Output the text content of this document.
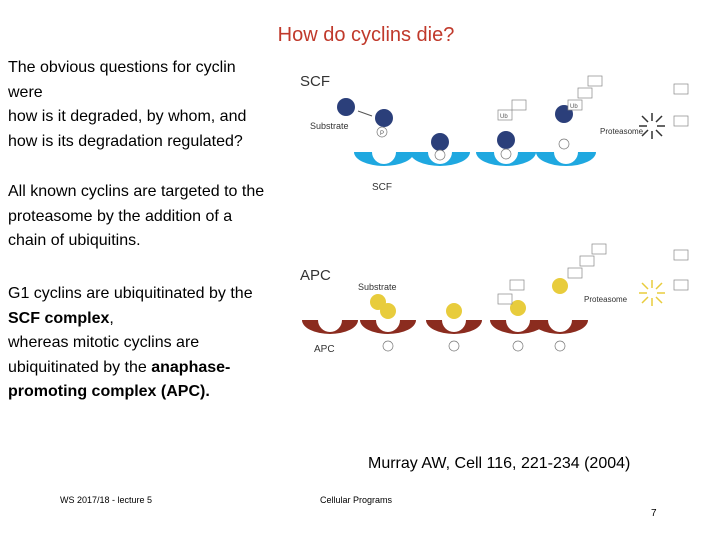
How do cyclins die?
The obvious questions for cyclin
were
how is it degraded, by whom, and
how is its degradation regulated?
All known cyclins are targeted to the
proteasome by the addition of a
chain of ubiquitins.
G1 cyclins are ubiquitinated by the
SCF complex,
whereas mitotic cyclins are
ubiquitinated by the anaphase-
promoting complex (APC).
SCF
Substrate
P
SCF
Ub
Ub
Proteasome
APC
Substrate
APC
Proteasome
Murray AW, Cell 116, 221-234 (2004)
WS 2017/18 - lecture 5	Cellular Programs
7
